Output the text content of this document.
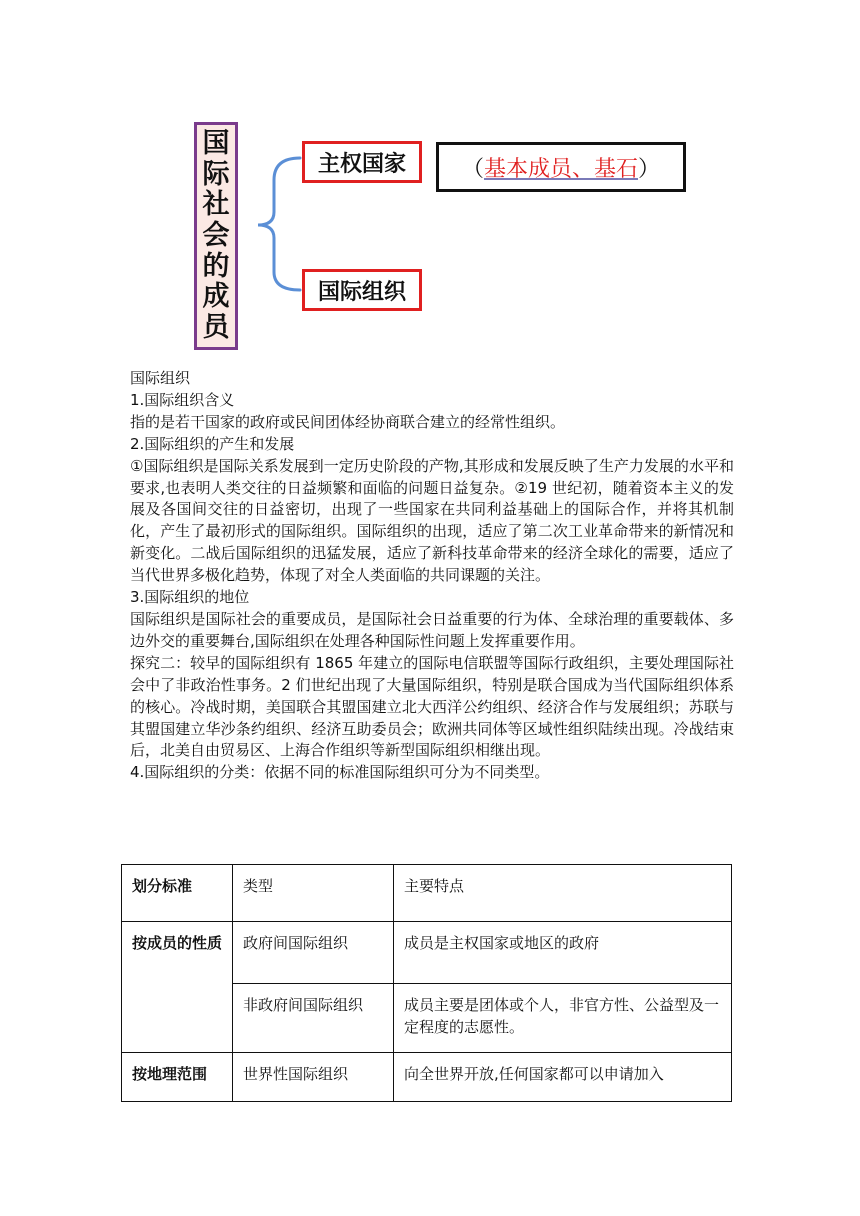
国
际
社
会
的
成
员
主权国家
国际组织
（ 基本成员、基石 ）

国际组织

1.国际组织含义

指的是若干国家的政府或民间团体经协商联合建立的经常性组织。

2.国际组织的产生和发展

①国际组织是国际关系发展到一定历史阶段的产物,其形成和发展反映了生产力发展的水平和要求,也表明人类交往的日益频繁和面临的问题日益复杂。②19 世纪初，随着资本主义的发展及各国间交往的日益密切，出现了一些国家在共同利益基础上的国际合作，并将其机制化，产生了最初形式的国际组织。国际组织的出现，适应了第二次工业革命带来的新情况和新变化。二战后国际组织的迅猛发展，适应了新科技革命带来的经济全球化的需要，适应了当代世界多极化趋势，体现了对全人类面临的共同课题的关注。

3.国际组织的地位

国际组织是国际社会的重要成员，是国际社会日益重要的行为体、全球治理的重要载体、多边外交的重要舞台,国际组织在处理各种国际性问题上发挥重要作用。

探究二：较早的国际组织有 1865 年建立的国际电信联盟等国际行政组织，主要处理国际社会中了非政治性事务。2 们世纪出现了大量国际组织，特别是联合国成为当代国际组织体系的核心。冷战时期，美国联合其盟国建立北大西洋公约组织、经济合作与发展组织；苏联与其盟国建立华沙条约组织、经济互助委员会；欧洲共同体等区域性组织陆续出现。冷战结束后，北美自由贸易区、上海合作组织等新型国际组织相继出现。

4.国际组织的分类：依据不同的标准国际组织可分为不同类型。

划分标准	类型	主要特点
按成员的性质	政府间国际组织	成员是主权国家或地区的政府
	非政府间国际组织	成员主要是团体或个人，非官方性、公益型及一定程度的志愿性。
按地理范围	世界性国际组织	向全世界开放,任何国家都可以申请加入
